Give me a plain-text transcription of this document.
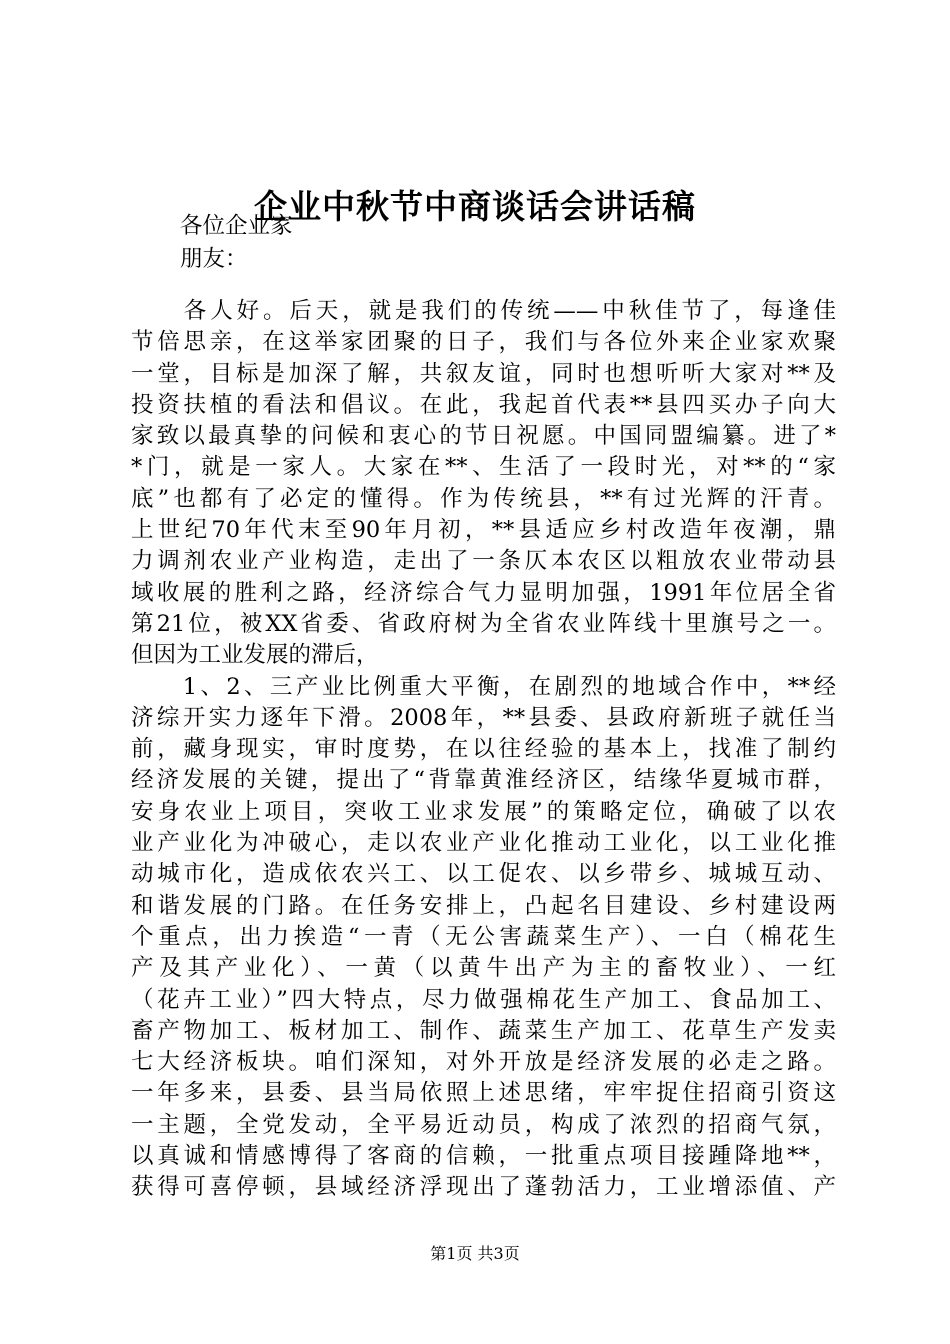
企业中秋节中商谈话会讲话稿
各位企业家
朋友：
　　各人好。后天，就是我们的传统——中秋佳节了，每逢佳
节倍思亲，在这举家团聚的日子，我们与各位外来企业家欢聚
一堂，目标是加深了解，共叙友谊，同时也想听听大家对**及
投资扶植的看法和倡议。在此，我起首代表**县四买办子向大
家致以最真挚的问候和衷心的节日祝愿。中国同盟编纂。进了*
*门，就是一家人。大家在**、生活了一段时光，对**的“家
底”也都有了必定的懂得。作为传统县，**有过光辉的汗青。
上世纪70年代末至90年月初，**县适应乡村改造年夜潮，鼎
力调剂农业产业构造，走出了一条仄本农区以粗放农业带动县
域收展的胜利之路，经济综合气力显明加强，1991年位居全省
第21位，被XX省委、省政府树为全省农业阵线十里旗号之一。
但因为工业发展的滞后，
　　1、2、三产业比例重大平衡，在剧烈的地域合作中，**经
济综开实力逐年下滑。2008年，**县委、县政府新班子就任当
前，藏身现实，审时度势，在以往经验的基本上，找准了制约
经济发展的关键，提出了“背靠黄淮经济区，结缘华夏城市群，
安身农业上项目，突收工业求发展”的策略定位，确破了以农
业产业化为冲破心，走以农业产业化推动工业化，以工业化推
动城市化，造成依农兴工、以工促农、以乡带乡、城城互动、
和谐发展的门路。在任务安排上，凸起名目建设、乡村建设两
个重点，出力挨造“一青（无公害蔬菜生产）、一白（棉花生
产及其产业化）、一黄（以黄牛出产为主的畜牧业）、一红
（花卉工业）”四大特点，尽力做强棉花生产加工、食品加工、
畜产物加工、板材加工、制作、蔬菜生产加工、花草生产发卖
七大经济板块。咱们深知，对外开放是经济发展的必走之路。
一年多来，县委、县当局依照上述思绪，牢牢捉住招商引资这
一主题，全党发动，全平易近动员，构成了浓烈的招商气氛，
以真诚和情感博得了客商的信赖，一批重点项目接踵降地**，
获得可喜停顿，县域经济浮现出了蓬勃活力，工业增添值、产
第1页 共3页
